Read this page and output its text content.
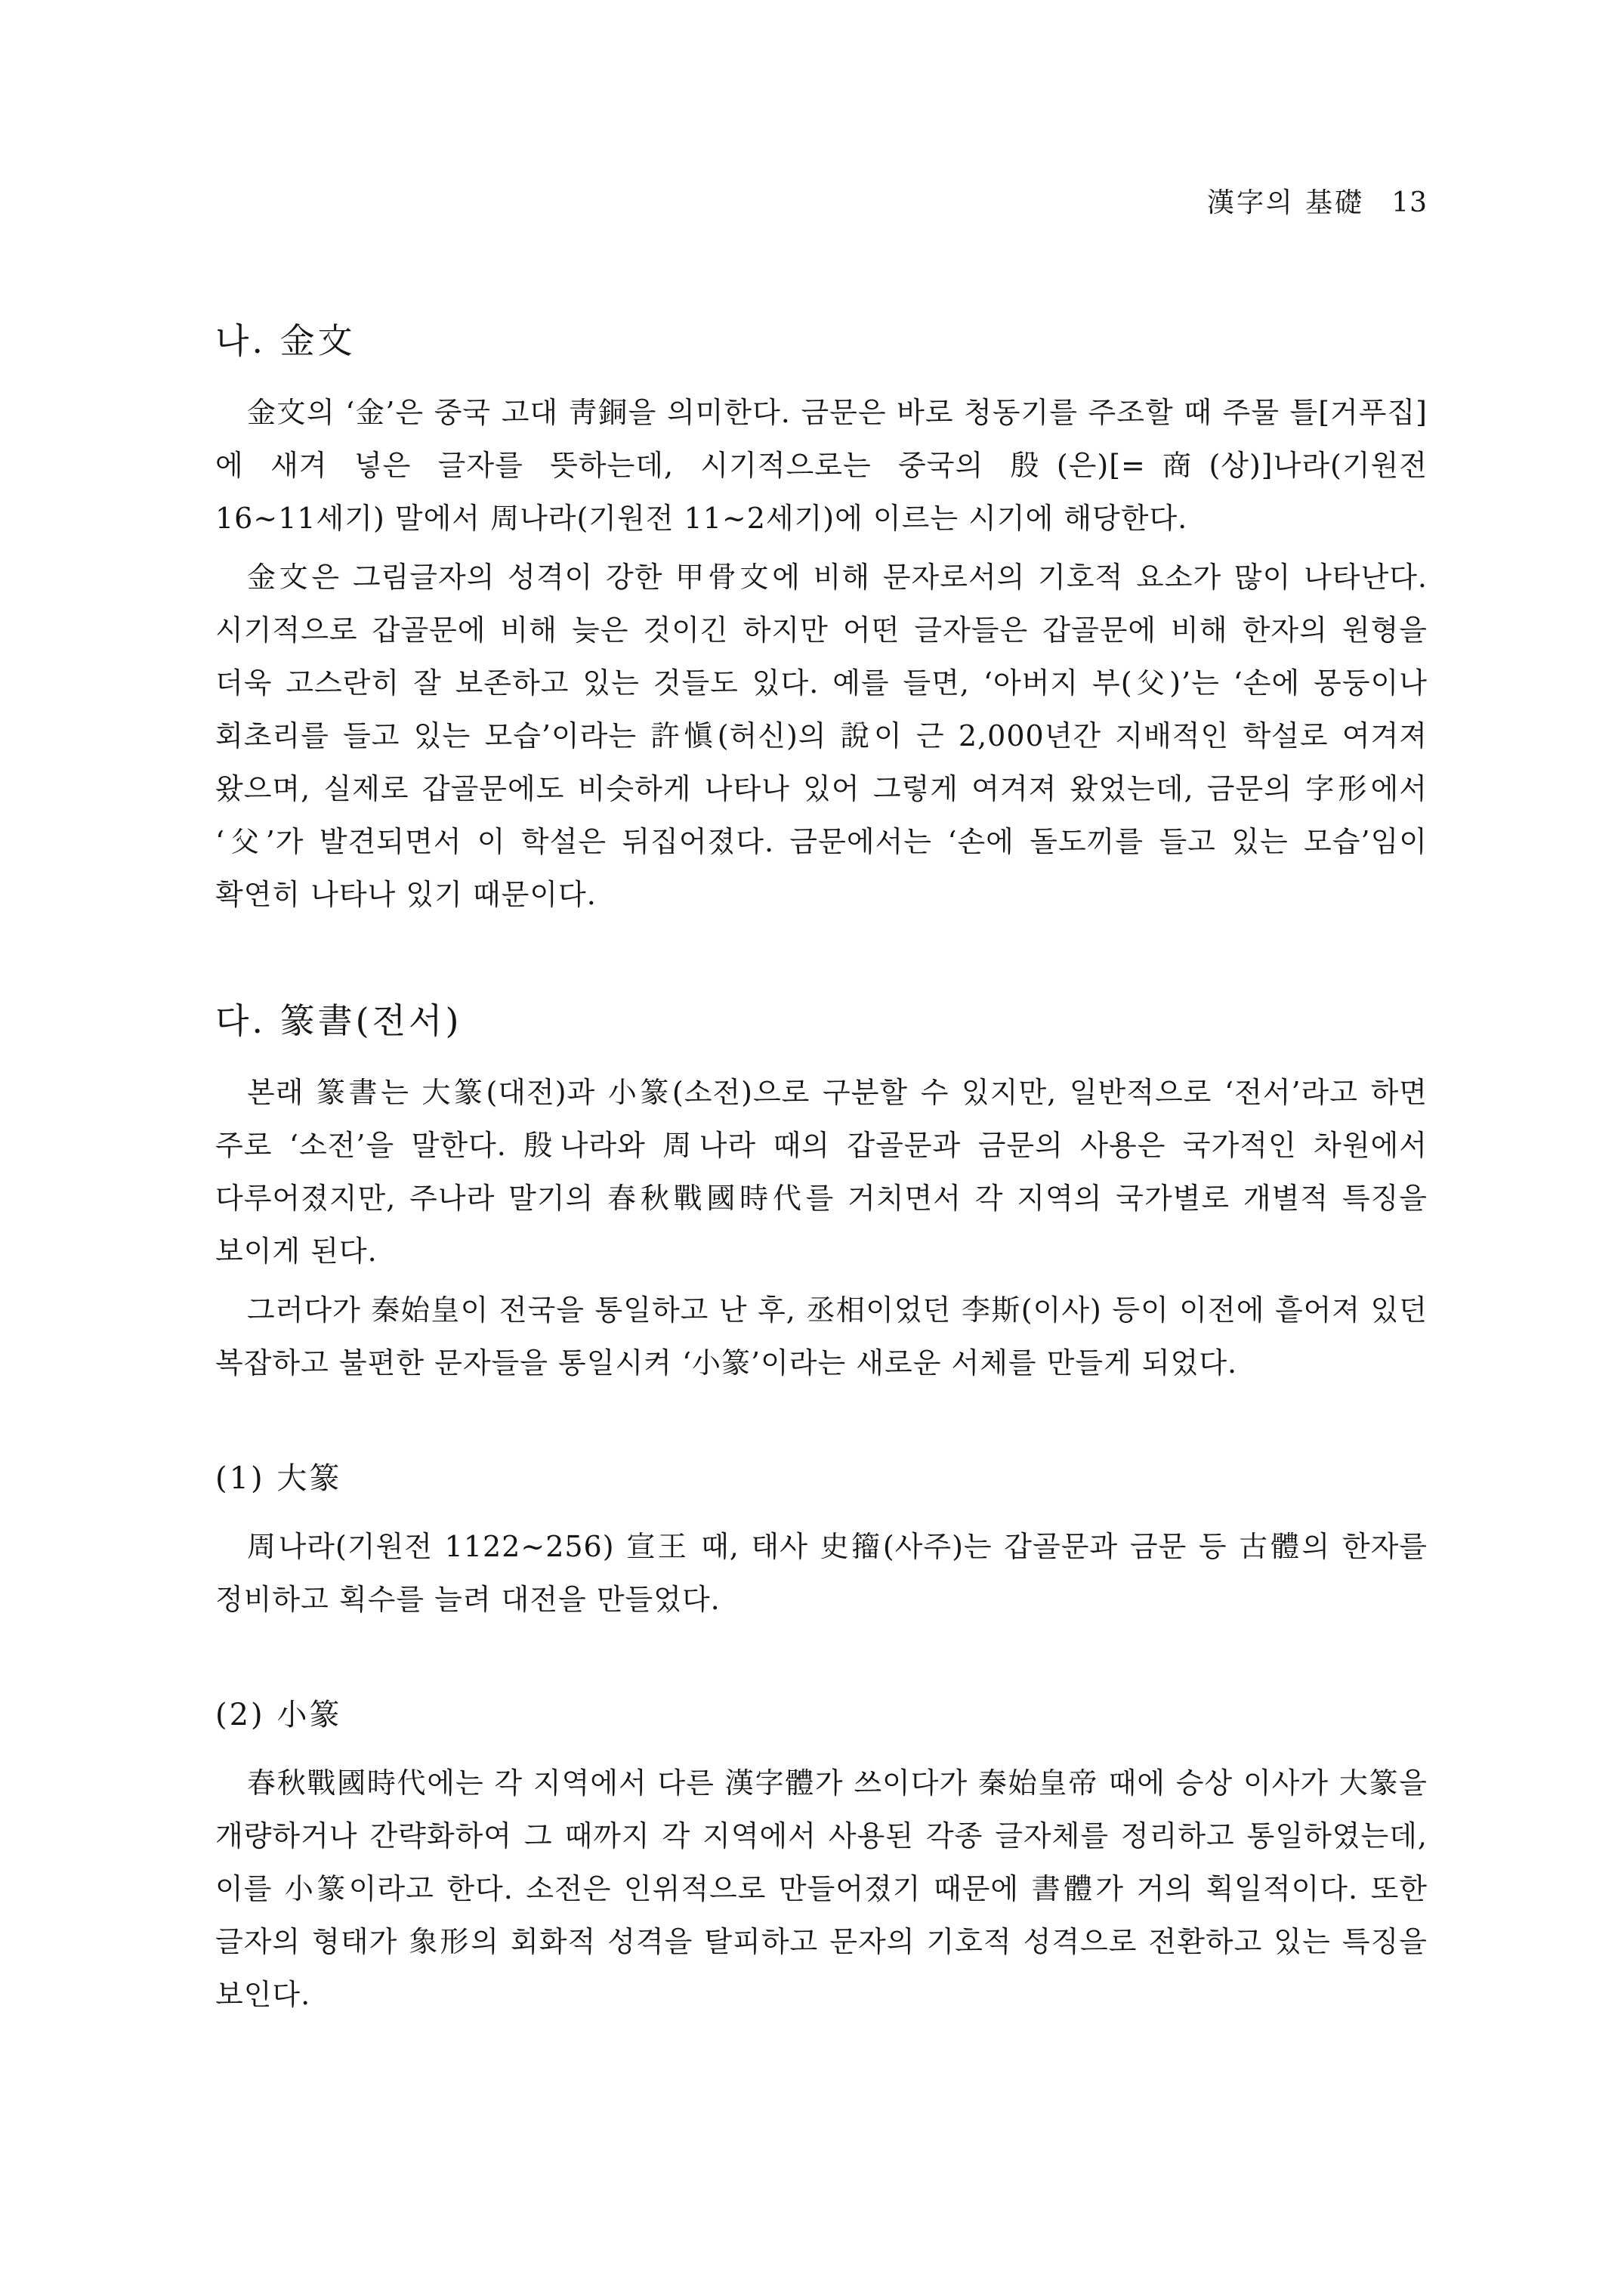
漢字의 基礎 13
나. 金文

金文의 ‘金’은 중국 고대 靑銅을 의미한다. 금문은 바로 청동기를 주조할 때 주물 틀[거푸집]에 새겨 넣은 글자를 뜻하는데, 시기적으로는 중국의 殷(은)[=商(상)]나라(기원전 16~11세기) 말에서 周나라(기원전 11~2세기)에 이르는 시기에 해당한다.

金文은 그림글자의 성격이 강한 甲骨文에 비해 문자로서의 기호적 요소가 많이 나타난다. 시기적으로 갑골문에 비해 늦은 것이긴 하지만 어떤 글자들은 갑골문에 비해 한자의 원형을 더욱 고스란히 잘 보존하고 있는 것들도 있다. 예를 들면, ‘아버지 부(父)’는 ‘손에 몽둥이나 회초리를 들고 있는 모습’이라는 許愼(허신)의 說이 근 2,000년간 지배적인 학설로 여겨져 왔으며, 실제로 갑골문에도 비슷하게 나타나 있어 그렇게 여겨져 왔었는데, 금문의 字形에서 ‘父’가 발견되면서 이 학설은 뒤집어졌다. 금문에서는 ‘손에 돌도끼를 들고 있는 모습’임이 확연히 나타나 있기 때문이다.

다. 篆書(전서)

본래 篆書는 大篆(대전)과 小篆(소전)으로 구분할 수 있지만, 일반적으로 ‘전서’라고 하면 주로 ‘소전’을 말한다. 殷나라와 周나라 때의 갑골문과 금문의 사용은 국가적인 차원에서 다루어졌지만, 주나라 말기의 春秋戰國時代를 거치면서 각 지역의 국가별로 개별적 특징을 보이게 된다.

그러다가 秦始皇이 전국을 통일하고 난 후, 丞相이었던 李斯(이사) 등이 이전에 흩어져 있던 복잡하고 불편한 문자들을 통일시켜 ‘小篆’이라는 새로운 서체를 만들게 되었다.

(1) 大篆

周나라(기원전 1122~256) 宣王 때, 태사 史籀(사주)는 갑골문과 금문 등 古體의 한자를 정비하고 획수를 늘려 대전을 만들었다.

(2) 小篆

春秋戰國時代에는 각 지역에서 다른 漢字體가 쓰이다가 秦始皇帝 때에 승상 이사가 大篆을 개량하거나 간략화하여 그 때까지 각 지역에서 사용된 각종 글자체를 정리하고 통일하였는데, 이를 小篆이라고 한다. 소전은 인위적으로 만들어졌기 때문에 書體가 거의 획일적이다. 또한 글자의 형태가 象形의 회화적 성격을 탈피하고 문자의 기호적 성격으로 전환하고 있는 특징을 보인다.
